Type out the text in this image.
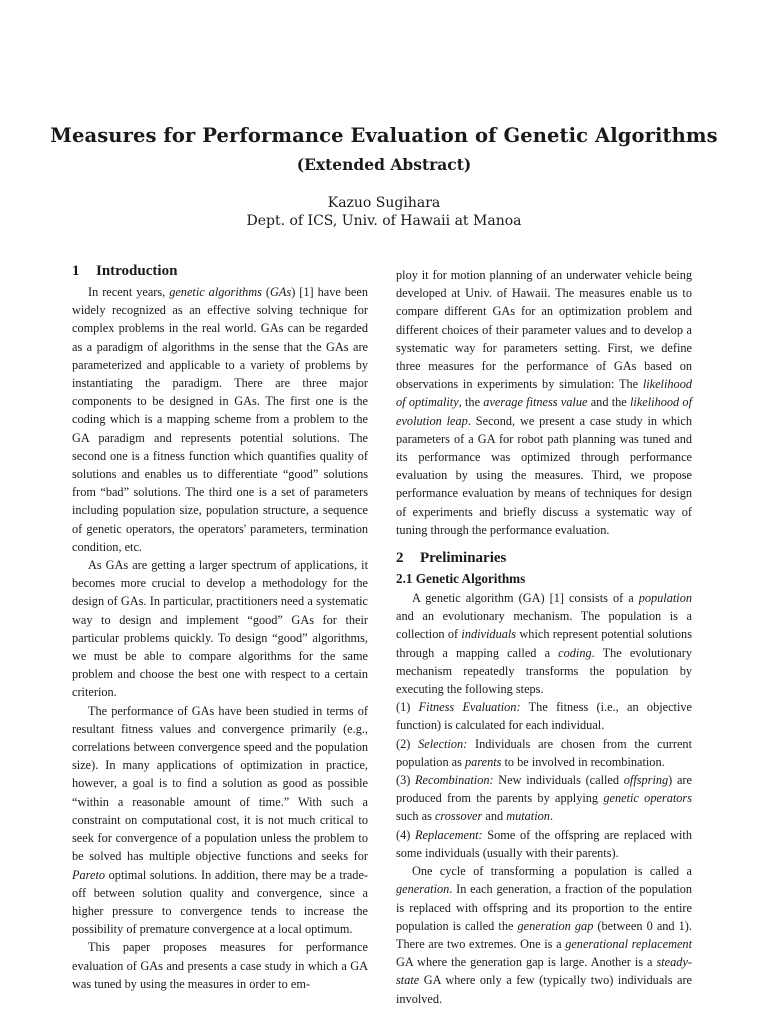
Measures for Performance Evaluation of Genetic Algorithms
(Extended Abstract)
Kazuo Sugihara
Dept. of ICS, Univ. of Hawaii at Manoa
1 Introduction

In recent years, genetic algorithms (GAs) [1] have been widely recognized as an effective solving technique for complex problems in the real world. GAs can be regarded as a paradigm of algorithms in the sense that the GAs are parameterized and applicable to a variety of problems by instantiating the paradigm. There are three major components to be designed in GAs. The first one is the coding which is a mapping scheme from a problem to the GA paradigm and represents potential solutions. The second one is a fitness function which quantifies quality of solutions and enables us to differentiate “good” solutions from “bad” solutions. The third one is a set of parameters including population size, population structure, a sequence of genetic operators, the operators' parameters, termination condition, etc.

As GAs are getting a larger spectrum of applications, it becomes more crucial to develop a methodology for the design of GAs. In particular, practitioners need a systematic way to design and implement “good” GAs for their particular problems quickly. To design “good” algorithms, we must be able to compare algorithms for the same problem and choose the best one with respect to a certain criterion.

The performance of GAs have been studied in terms of resultant fitness values and convergence primarily (e.g., correlations between convergence speed and the population size). In many applications of optimization in practice, however, a goal is to find a solution as good as possible “within a reasonable amount of time.” With such a constraint on computational cost, it is not much critical to seek for convergence of a population unless the problem to be solved has multiple objective functions and seeks for Pareto optimal solutions. In addition, there may be a trade-off between solution quality and convergence, since a higher pressure to convergence tends to increase the possibility of premature convergence at a local optimum.

This paper proposes measures for performance evaluation of GAs and presents a case study in which a GA was tuned by using the measures in order to em-

ploy it for motion planning of an underwater vehicle being developed at Univ. of Hawaii. The measures enable us to compare different GAs for an optimization problem and different choices of their parameter values and to develop a systematic way for parameters setting. First, we define three measures for the performance of GAs based on observations in experiments by simulation: The likelihood of optimality, the average fitness value and the likelihood of evolution leap. Second, we present a case study in which parameters of a GA for robot path planning was tuned and its performance was optimized through performance evaluation by using the measures. Third, we propose performance evaluation by means of techniques for design of experiments and briefly discuss a systematic way of tuning through the performance evaluation.

2 Preliminaries
2.1 Genetic Algorithms

A genetic algorithm (GA) [1] consists of a population and an evolutionary mechanism. The population is a collection of individuals which represent potential solutions through a mapping called a coding. The evolutionary mechanism repeatedly transforms the population by executing the following steps.

(1) Fitness Evaluation: The fitness (i.e., an objective function) is calculated for each individual.

(2) Selection: Individuals are chosen from the current population as parents to be involved in recombination.

(3) Recombination: New individuals (called offspring) are produced from the parents by applying genetic operators such as crossover and mutation.

(4) Replacement: Some of the offspring are replaced with some individuals (usually with their parents).

One cycle of transforming a population is called a generation. In each generation, a fraction of the population is replaced with offspring and its proportion to the entire population is called the generation gap (between 0 and 1). There are two extremes. One is a generational replacement GA where the generation gap is large. Another is a steady-state GA where only a few (typically two) individuals are involved.
